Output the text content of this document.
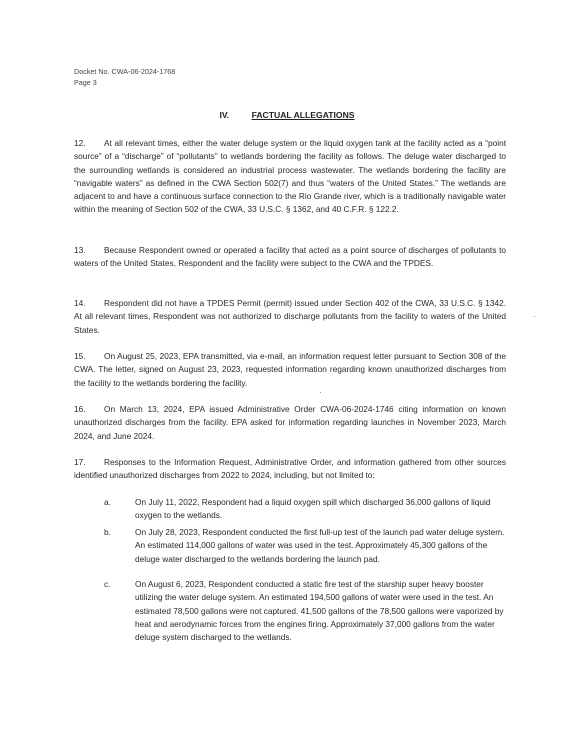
Docket No. CWA-06-2024-1768
Page 3
IV.	FACTUAL ALLEGATIONS
12. At all relevant times, either the water deluge system or the liquid oxygen tank at the facility acted as a “point source” of a “discharge” of “pollutants” to wetlands bordering the facility as follows. The deluge water discharged to the surrounding wetlands is considered an industrial process wastewater. The wetlands bordering the facility are “navigable waters” as defined in the CWA Section 502(7) and thus “waters of the United States.” The wetlands are adjacent to and have a continuous surface connection to the Rio Grande river, which is a traditionally navigable water within the meaning of Section 502 of the CWA, 33 U.S.C. § 1362, and 40 C.F.R. § 122.2.
13. Because Respondent owned or operated a facility that acted as a point source of discharges of pollutants to waters of the United States, Respondent and the facility were subject to the CWA and the TPDES.
14. Respondent did not have a TPDES Permit (permit) issued under Section 402 of the CWA, 33 U.S.C. § 1342. At all relevant times, Respondent was not authorized to discharge pollutants from the facility to waters of the United States.
15. On August 25, 2023, EPA transmitted, via e-mail, an information request letter pursuant to Section 308 of the CWA. The letter, signed on August 23, 2023, requested information regarding known unauthorized discharges from the facility to the wetlands bordering the facility.
16. On March 13, 2024, EPA issued Administrative Order CWA-06-2024-1746 citing information on known unauthorized discharges from the facility. EPA asked for information regarding launches in November 2023, March 2024, and June 2024.
17. Responses to the Information Request, Administrative Order, and information gathered from other sources identified unauthorized discharges from 2022 to 2024, including, but not limited to:
a.	On July 11, 2022, Respondent had a liquid oxygen spill which discharged 36,000 gallons of liquid oxygen to the wetlands.
b.	On July 28, 2023, Respondent conducted the first full-up test of the launch pad water deluge system. An estimated 114,000 gallons of water was used in the test. Approximately 45,300 gallons of the deluge water discharged to the wetlands bordering the launch pad.
c.	On August 6, 2023, Respondent conducted a static fire test of the starship super heavy booster utilizing the water deluge system. An estimated 194,500 gallons of water were used in the test. An estimated 78,500 gallons were not captured. 41,500 gallons of the 78,500 gallons were vaporized by heat and aerodynamic forces from the engines firing. Approximately 37,000 gallons from the water deluge system discharged to the wetlands.
